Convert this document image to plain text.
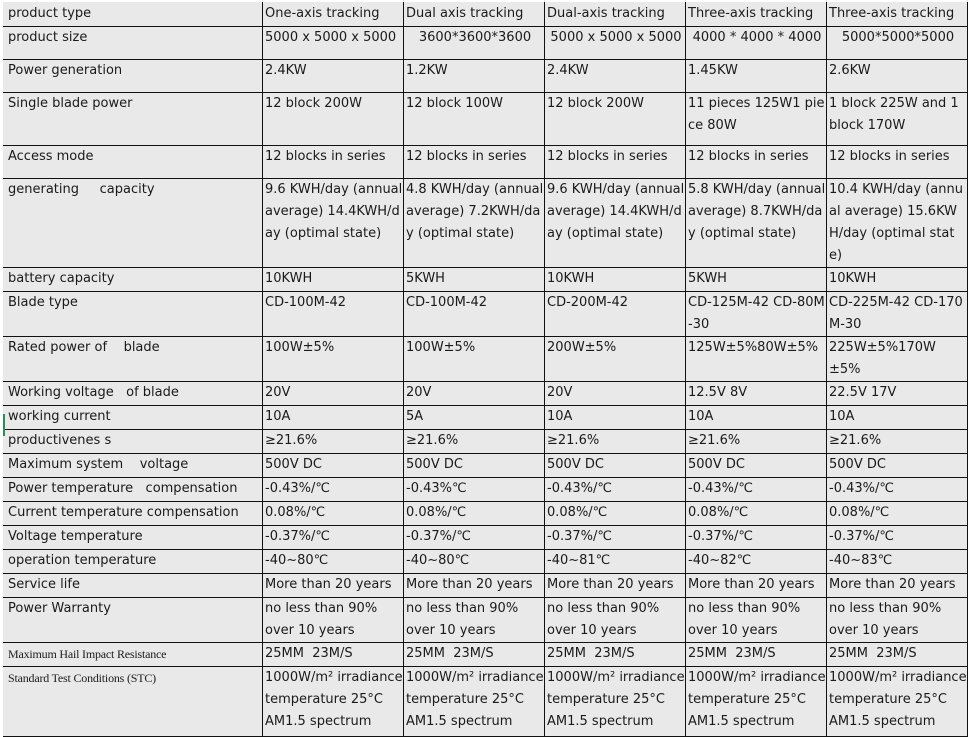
product type	One-axis tracking	Dual axis tracking	Dual-axis tracking	Three-axis tracking	Three-axis tracking
product size	5000 x 5000 x 5000	3600*3600*3600	5000 x 5000 x 5000	4000 * 4000 * 4000	5000*5000*5000
Power generation	2.4KW	1.2KW	2.4KW	1.45KW	2.6KW
Single blade power	12 block 200W	12 block 100W	12 block 200W	11 pieces 125W1 piece 80W	1 block 225W and 1 block 170W
Access mode	12 blocks in series	12 blocks in series	12 blocks in series	12 blocks in series	12 blocks in series
generating     capacity	9.6 KWH/day (annual average) 14.4KWH/day (optimal state)	4.8 KWH/day (annual average) 7.2KWH/day (optimal state)	9.6 KWH/day (annual average) 14.4KWH/day (optimal state)	5.8 KWH/day (annual average) 8.7KWH/day (optimal state)	10.4 KWH/day (annual average) 15.6KWH/day (optimal state)
battery capacity	10KWH	5KWH	10KWH	5KWH	10KWH
Blade type	CD-100M-42	CD-100M-42	CD-200M-42	CD-125M-42 CD-80M-30	CD-225M-42 CD-170M-30
Rated power of    blade	100W±5%	100W±5%	200W±5%	125W±5%80W±5%	225W±5%170W±5%
Working voltage   of blade	20V	20V	20V	12.5V 8V	22.5V 17V
working current	10A	5A	10A	10A	10A
productivenes s	≥21.6%	≥21.6%	≥21.6%	≥21.6%	≥21.6%
Maximum system    voltage	500V DC	500V DC	500V DC	500V DC	500V DC
Power temperature   compensation	-0.43%/℃	-0.43%℃	-0.43%/℃	-0.43%/℃	-0.43%/℃
Current temperature compensation	0.08%/℃	0.08%/℃	0.08%/℃	0.08%/℃	0.08%/℃
Voltage temperature	-0.37%/℃	-0.37%/℃	-0.37%/℃	-0.37%/℃	-0.37%/℃
operation temperature	-40~80℃	-40~80℃	-40~81℃	-40~82℃	-40~83℃
Service life	More than 20 years	More than 20 years	More than 20 years	More than 20 years	More than 20 years
Power Warranty	no less than 90% over 10 years	no less than 90% over 10 years	no less than 90% over 10 years	no less than 90% over 10 years	no less than 90% over 10 years
Maximum Hail Impact Resistance	25MM  23M/S	25MM  23M/S	25MM  23M/S	25MM  23M/S	25MM  23M/S
Standard Test Conditions (STC)	1000W/m² irradiance temperature 25°C AM1.5 spectrum	1000W/m² irradiance temperature 25°C AM1.5 spectrum	1000W/m² irradiance temperature 25°C AM1.5 spectrum	1000W/m² irradiance temperature 25°C AM1.5 spectrum	1000W/m² irradiance temperature 25°C AM1.5 spectrum
